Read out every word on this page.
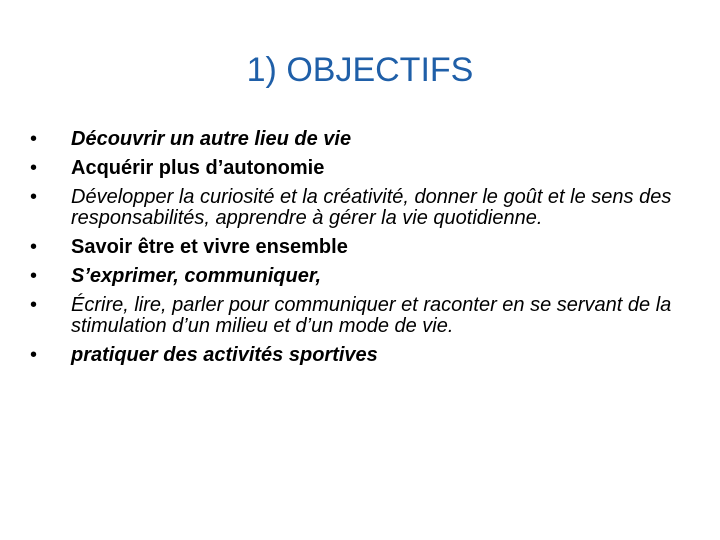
1) OBJECTIFS
• Découvrir un autre lieu de vie
• Acquérir plus d’autonomie
• Développer la curiosité et la créativité, donner le goût et le sens des responsabilités, apprendre à gérer la vie quotidienne.
• Savoir être et vivre ensemble
• S’exprimer, communiquer,
• Écrire, lire, parler pour communiquer et raconter en se servant de la stimulation d’un milieu et d’un mode de vie.
• pratiquer des activités sportives
